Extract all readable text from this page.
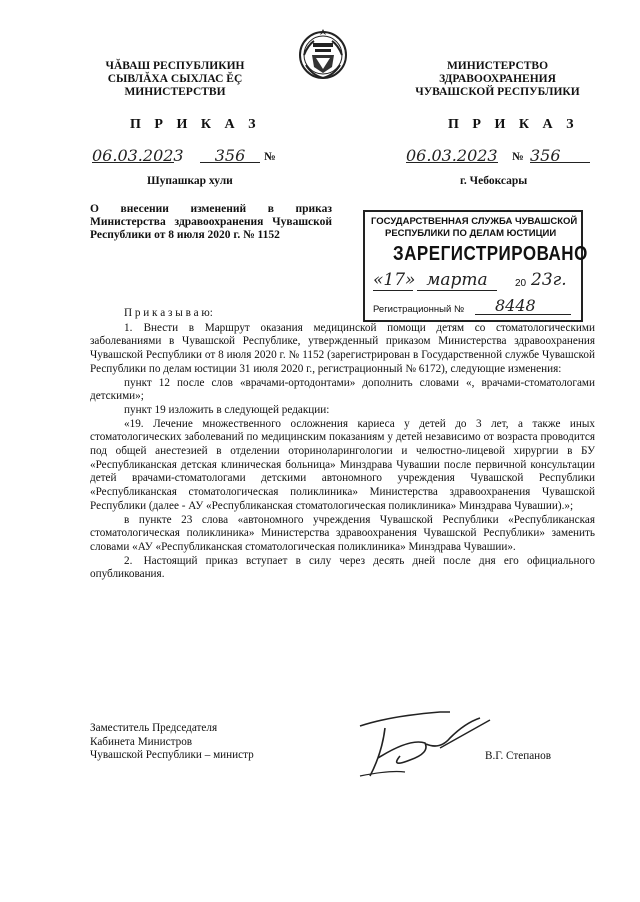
ЧĂВАШ РЕСПУБЛИКИН
СЫВЛĂХА СЫХЛАС ĔÇ
МИНИСТЕРСТВИ
МИНИСТЕРСТВО
ЗДРАВООХРАНЕНИЯ
ЧУВАШСКОЙ РЕСПУБЛИКИ
П Р И К А З	П Р И К А З
06.03.2023	356	№	06.03.2023 № 356
Шупашкар хули	г. Чебоксары
О внесении изменений в приказ Министерства здравоохранения Чувашской Республики от 8 июля 2020 г. № 1152
ГОСУДАРСТВЕННАЯ СЛУЖБА ЧУВАШСКОЙ
РЕСПУБЛИКИ ПО ДЕЛАМ ЮСТИЦИИ
ЗАРЕГИСТРИРОВАНО
«17» марта	20 23г.
Регистрационный №	8448

П р и к а з ы в а ю:

1. Внести в Маршрут оказания медицинской помощи детям со стоматологическими заболеваниями в Чувашской Республике, утвержденный приказом Министерства здравоохранения Чувашской Республики от 8 июля 2020 г. № 1152 (зарегистрирован в Государственной службе Чувашской Республики по делам юстиции 31 июля 2020 г., регистрационный № 6172), следующие изменения:

пункт 12 после слов «врачами-ортодонтами» дополнить словами «, врачами-стоматологами детскими»;

пункт 19 изложить в следующей редакции:

«19. Лечение множественного осложнения кариеса у детей до 3 лет, а также иных стоматологических заболеваний по медицинским показаниям у детей независимо от возраста проводится под общей анестезией в отделении оториноларингологии и челюстно-лицевой хирургии в БУ «Республиканская детская клиническая больница» Минздрава Чувашии после первичной консультации детей врачами-стоматологами детскими автономного учреждения Чувашской Республики «Республиканская стоматологическая поликлиника» Министерства здравоохранения Чувашской Республики (далее - АУ «Республиканская стоматологическая поликлиника» Минздрава Чувашии).»;

в пункте 23 слова «автономного учреждения Чувашской Республики «Республиканская стоматологическая поликлиника» Министерства здравоохранения Чувашской Республики» заменить словами «АУ «Республиканская стоматологическая поликлиника» Минздрава Чувашии».

2. Настоящий приказ вступает в силу через десять дней после дня его официального опубликования.

Заместитель Председателя
Кабинета Министров
Чувашской Республики – министр	В.Г. Степанов
